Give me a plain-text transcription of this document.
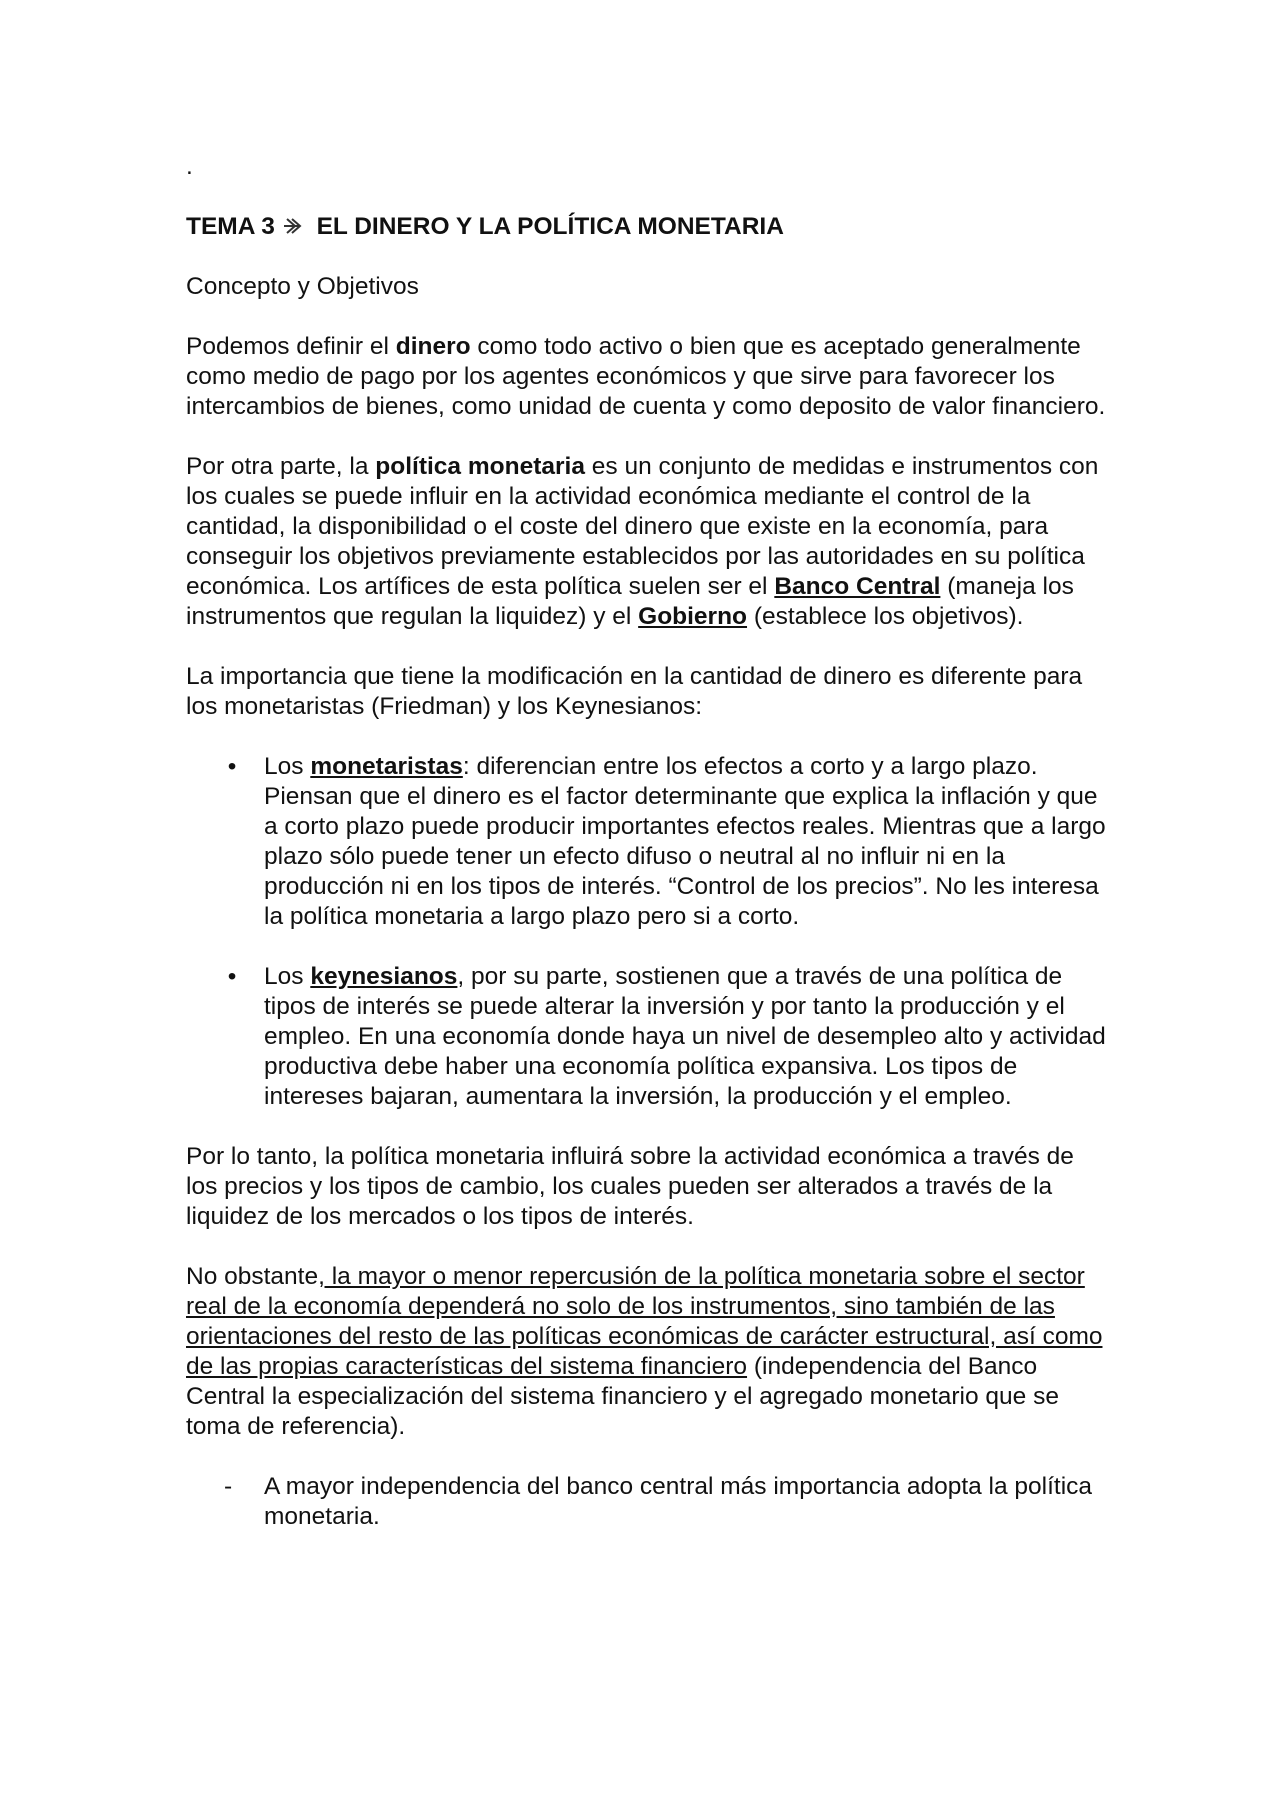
.
TEMA 3 EL DINERO Y LA POLÍTICA MONETARIA

Concepto y Objetivos

Podemos definir el dinero como todo activo o bien que es aceptado generalmente como medio de pago por los agentes económicos y que sirve para favorecer los intercambios de bienes, como unidad de cuenta y como deposito de valor financiero.

Por otra parte, la política monetaria es un conjunto de medidas e instrumentos con los cuales se puede influir en la actividad económica mediante el control de la cantidad, la disponibilidad o el coste del dinero que existe en la economía, para conseguir los objetivos previamente establecidos por las autoridades en su política económica. Los artífices de esta política suelen ser el Banco Central (maneja los instrumentos que regulan la liquidez) y el Gobierno (establece los objetivos).

La importancia que tiene la modificación en la cantidad de dinero es diferente para los monetaristas (Friedman) y los Keynesianos:

• Los monetaristas: diferencian entre los efectos a corto y a largo plazo. Piensan que el dinero es el factor determinante que explica la inflación y que a corto plazo puede producir importantes efectos reales. Mientras que a largo plazo sólo puede tener un efecto difuso o neutral al no influir ni en la producción ni en los tipos de interés. “Control de los precios”. No les interesa la política monetaria a largo plazo pero si a corto.
• Los keynesianos, por su parte, sostienen que a través de una política de tipos de interés se puede alterar la inversión y por tanto la producción y el empleo. En una economía donde haya un nivel de desempleo alto y actividad productiva debe haber una economía política expansiva. Los tipos de intereses bajaran, aumentara la inversión, la producción y el empleo.

Por lo tanto, la política monetaria influirá sobre la actividad económica a través de los precios y los tipos de cambio, los cuales pueden ser alterados a través de la liquidez de los mercados o los tipos de interés.

No obstante, la mayor o menor repercusión de la política monetaria sobre el sector real de la economía dependerá no solo de los instrumentos, sino también de las orientaciones del resto de las políticas económicas de carácter estructural, así como de las propias características del sistema financiero (independencia del Banco Central la especialización del sistema financiero y el agregado monetario que se toma de referencia).

- A mayor independencia del banco central más importancia adopta la política monetaria.
